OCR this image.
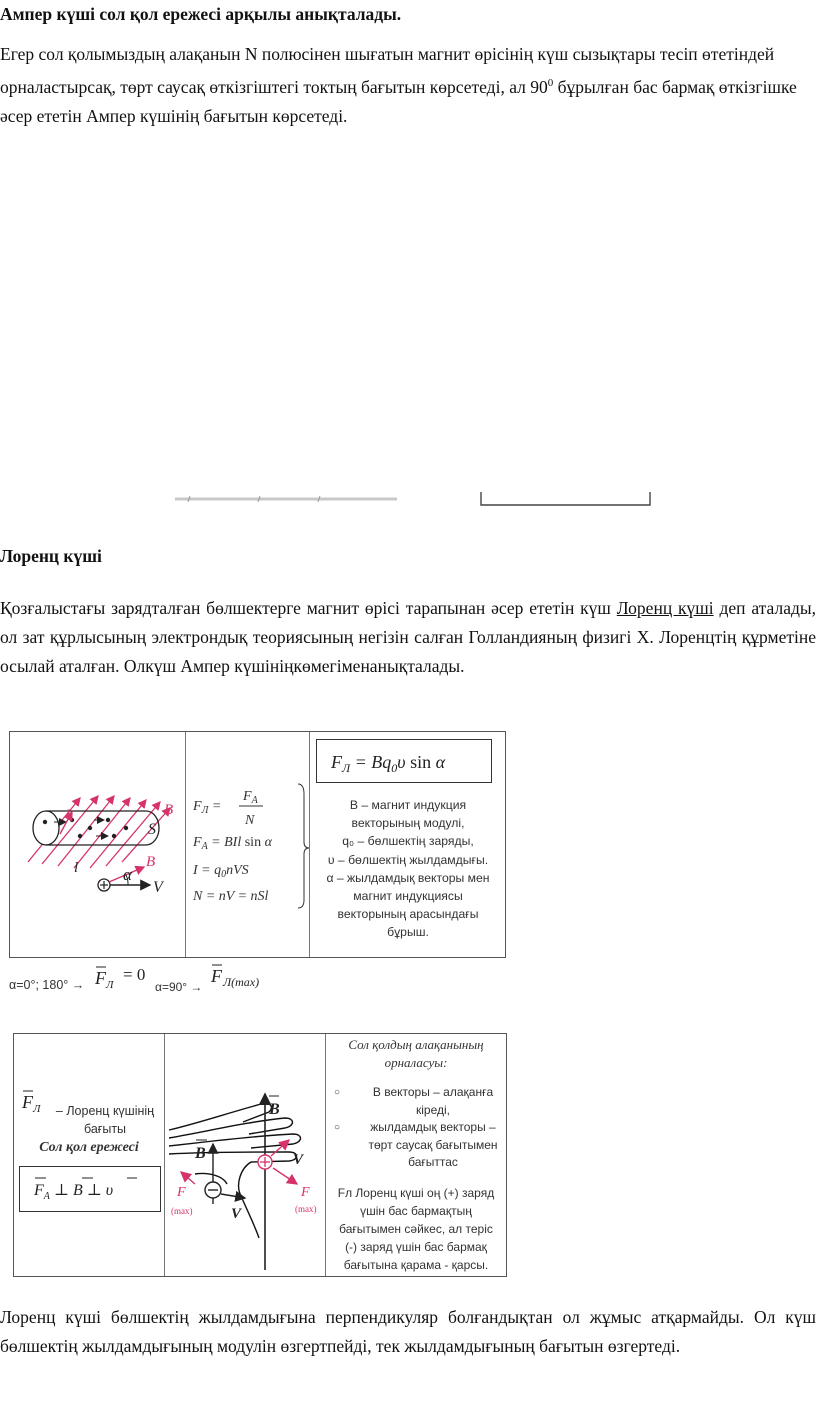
Ампер күші сол қол ережесі арқылы анықталады.

Егер сол қолымыздың алақанын N полюсінен шығатын магнит өрісінің күш сызықтары тесіп өтетіндей орналастырсақ, төрт саусақ өткізгіштегі токтың бағытын көрсетеді, ал $90^0$ бұрылған бас бармақ өткізгішке әсер ететін Ампер күшінің бағытын көрсетеді.

Лоренц күші

Қозғалыстағы зарядталған бөлшектерге магнит өрісі тарапынан әсер ететін күш Лоренц күші деп аталады, ол зат құрлысының электрондық теориясының негізін салған Голландияның физигі Х. Лоренцтің құрметіне осылай аталған. Олкүш Ампер күшініңкөмегіменанықталады.

B
S
I
l	B
α
V
$F_Л$ =
$F_A$
N
$F_A$ = BIl sin α
$I = q_0nVS$
N = nV = nSl
$F_Л = Bq_0\upsilon$ sin α
B – магнит индукция
векторының модулі,
q₀ – бөлшектің заряды,
υ – бөлшектің жылдамдығы.
α – жылдамдық векторы мен
магнит индукциясы
векторының арасындағы
бұрыш.
α=0°; $180^\circ \to F_Л$
= 0
α=90° →
F Л(max)
$F_Л$	– Лоренц күшінің
бағыты
Сол қол ережесі
$F_A$ ⊥ B ⊥ υ
B
B
V
F
(max)
V
F
(max)
Сол қолдың алақанының
орналасуы:
○	В векторы – алақанға
кіреді,
○	жылдамдық векторы –
төрт саусақ бағытымен
бағыттас
Fл Лоренц күші оң (+) заряд
үшін бас бармақтың
бағытымен сәйкес, ал теріс
(-) заряд үшін бас бармақ
бағытына қарама - қарсы.

Лоренц күші бөлшектің жылдамдығына перпендикуляр болғандықтан ол жұмыс атқармайды. Ол күш бөлшектің жылдамдығының модулін өзгертпейді, тек жылдамдығының бағытын өзгертеді.
